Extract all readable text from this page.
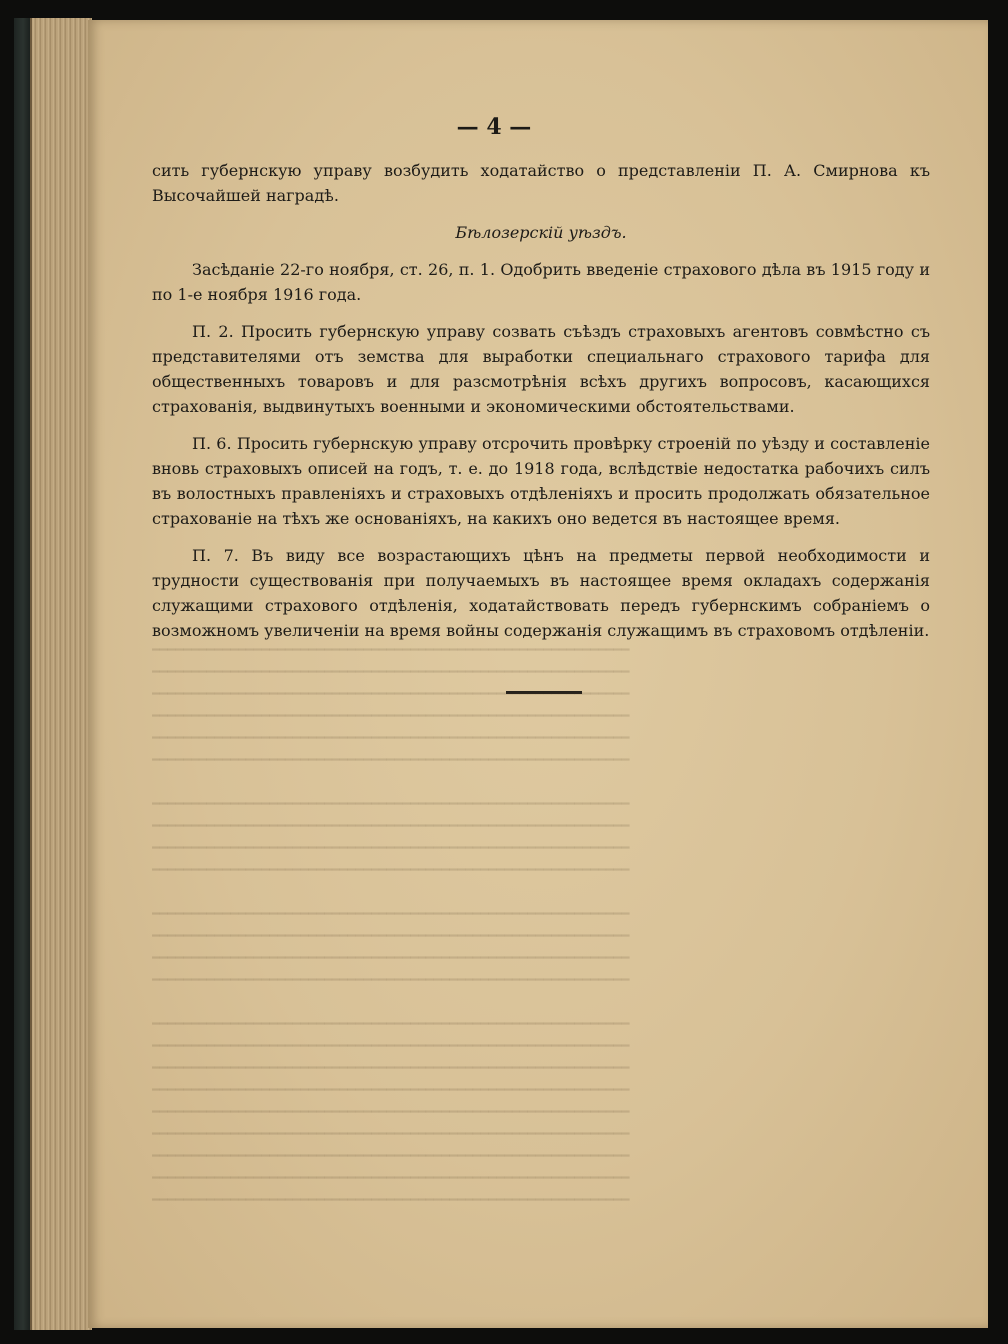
— 4 —

сить губернскую управу возбудить ходатайство о представленіи П. А. Смирнова къ Высочайшей наградѣ.

Бѣлозерскій уѣздъ.

Засѣданіе 22-го ноября, ст. 26, п. 1. Одобрить введеніе страхового дѣла въ 1915 году и по 1-е ноября 1916 года.

П. 2. Просить губернскую управу созвать съѣздъ страховыхъ агентовъ совмѣстно съ представителями отъ земства для выработки специальнаго страхового тарифа для общественныхъ товаровъ и для разсмотрѣнія всѣхъ другихъ вопросовъ, касающихся страхованія, выдвинутыхъ военными и экономическими обстоятельствами.

П. 6. Просить губернскую управу отсрочить провѣрку строеній по уѣзду и составленіе вновь страховыхъ описей на годъ, т. е. до 1918 года, вслѣдствіе недостатка рабочихъ силъ въ волостныхъ правленіяхъ и страховыхъ отдѣленіяхъ и просить продолжать обязательное страхованіе на тѣхъ же основаніяхъ, на какихъ оно ведется въ настоящее время.

П. 7. Въ виду все возрастающихъ цѣнъ на предметы первой необходимости и трудности существованія при получаемыхъ въ настоящее время окладахъ содержанія служащими страхового отдѣленія, ходатайствовать передъ губернскимъ собраніемъ о возможномъ увеличеніи на время войны содержанія служащимъ въ страховомъ отдѣленіи.

━━━━━━━━━━━━━━━━━━━━━━━━━━━━━━━━━━━━━━━━━━━━━━━━━━━━━━━━━━━━━
━━━━━━━━━━━━━━━━━━━━━━━━━━━━━━━━━━━━━━━━━━━━━━━━━━━━━━━━━━━━━
━━━━━━━━━━━━━━━━━━━━━━━━━━━━━━━━━━━━━━━━━━━━━━━━━━━━━━━━━━━━━
━━━━━━━━━━━━━━━━━━━━━━━━━━━━━━━━━━━━━━━━━━━━━━━━━━━━━━━━━━━━━
━━━━━━━━━━━━━━━━━━━━━━━━━━━━━━━━━━━━━━━━━━━━━━━━━━━━━━━━━━━━━
━━━━━━━━━━━━━━━━━━━━━━━━━━━━━━━━━━━━━━━━━━━━━━━━━━━━━━━━━━━━━
━━━━━━━━━━━━━━━━━━━━━━━━━━━━━━━━━━━━━━━━━━━━━━━━━━━━━━━━━━━━━
━━━━━━━━━━━━━━━━━━━━━━━━━━━━━━━━━━━━━━━━━━━━━━━━━━━━━━━━━━━━━
━━━━━━━━━━━━━━━━━━━━━━━━━━━━━━━━━━━━━━━━━━━━━━━━━━━━━━━━━━━━━
━━━━━━━━━━━━━━━━━━━━━━━━━━━━━━━━━━━━━━━━━━━━━━━━━━━━━━━━━━━━━
━━━━━━━━━━━━━━━━━━━━━━━━━━━━━━━━━━━━━━━━━━━━━━━━━━━━━━━━━━━━━
━━━━━━━━━━━━━━━━━━━━━━━━━━━━━━━━━━━━━━━━━━━━━━━━━━━━━━━━━━━━━
━━━━━━━━━━━━━━━━━━━━━━━━━━━━━━━━━━━━━━━━━━━━━━━━━━━━━━━━━━━━━
━━━━━━━━━━━━━━━━━━━━━━━━━━━━━━━━━━━━━━━━━━━━━━━━━━━━━━━━━━━━━
━━━━━━━━━━━━━━━━━━━━━━━━━━━━━━━━━━━━━━━━━━━━━━━━━━━━━━━━━━━━━
━━━━━━━━━━━━━━━━━━━━━━━━━━━━━━━━━━━━━━━━━━━━━━━━━━━━━━━━━━━━━
━━━━━━━━━━━━━━━━━━━━━━━━━━━━━━━━━━━━━━━━━━━━━━━━━━━━━━━━━━━━━
━━━━━━━━━━━━━━━━━━━━━━━━━━━━━━━━━━━━━━━━━━━━━━━━━━━━━━━━━━━━━
━━━━━━━━━━━━━━━━━━━━━━━━━━━━━━━━━━━━━━━━━━━━━━━━━━━━━━━━━━━━━
━━━━━━━━━━━━━━━━━━━━━━━━━━━━━━━━━━━━━━━━━━━━━━━━━━━━━━━━━━━━━
━━━━━━━━━━━━━━━━━━━━━━━━━━━━━━━━━━━━━━━━━━━━━━━━━━━━━━━━━━━━━
━━━━━━━━━━━━━━━━━━━━━━━━━━━━━━━━━━━━━━━━━━━━━━━━━━━━━━━━━━━━━
━━━━━━━━━━━━━━━━━━━━━━━━━━━━━━━━━━━━━━━━━━━━━━━━━━━━━━━━━━━━━
